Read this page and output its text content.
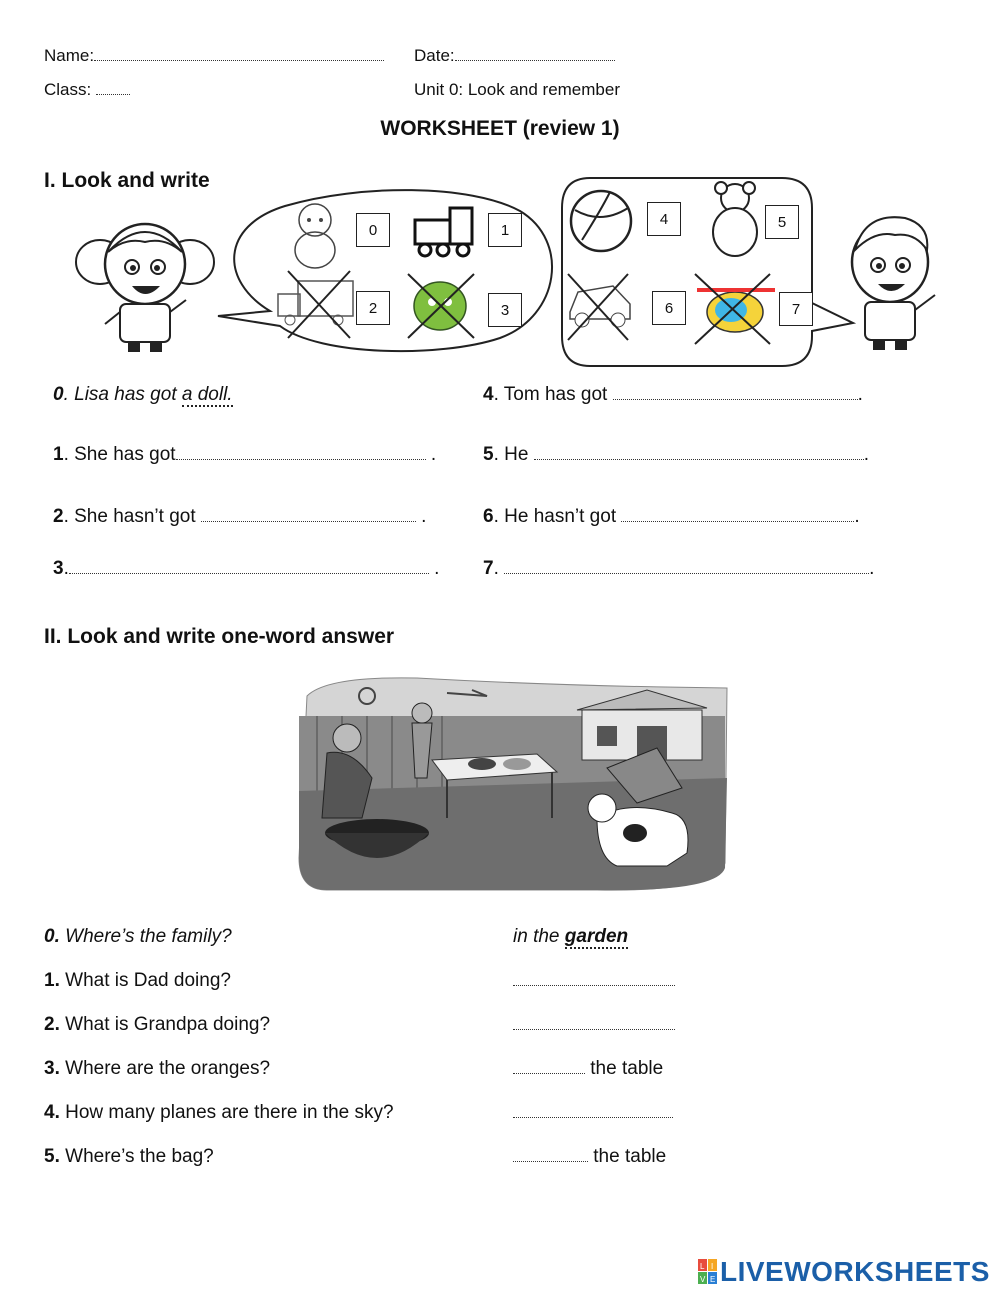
Name:	Date:
Class:	Unit 0: Look and remember
WORKSHEET (review 1)
I. Look and write
0	1
2	3
4	5
6	7
0. Lisa has got a doll.
1. She has got	.
2. She hasn’t got	.
3.	.
4. Tom has got	.
5. He	.
6. He hasn’t got	.
7.	.
II. Look and write one-word answer
0. Where’s the family?	in the garden
1. What is Dad doing?
2. What is Grandpa doing?
3. Where are the oranges?	the table
4. How many planes are there in the sky?
5. Where’s the bag?	the table
L I
V E LIVEWORKSHEETS
